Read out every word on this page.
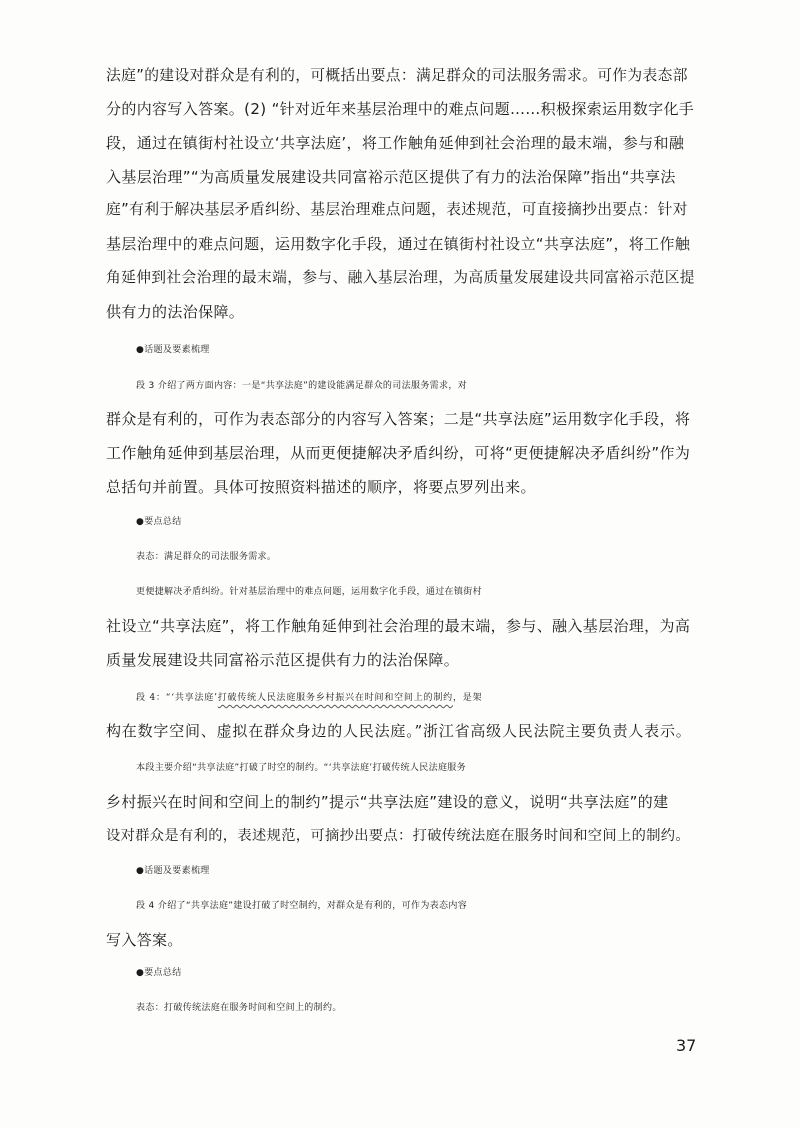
法庭”的建设对群众是有利的，可概括出要点：满足群众的司法服务需求。可作为表态部
分的内容写入答案。(2) “针对近年来基层治理中的难点问题……积极探索运用数字化手
段，通过在镇街村社设立‘共享法庭’，将工作触角延伸到社会治理的最末端，参与和融
入基层治理”“为高质量发展建设共同富裕示范区提供了有力的法治保障”指出“共享法
庭”有利于解决基层矛盾纠纷、基层治理难点问题，表述规范，可直接摘抄出要点：针对
基层治理中的难点问题，运用数字化手段，通过在镇街村社设立“共享法庭”，将工作触
角延伸到社会治理的最末端，参与、融入基层治理，为高质量发展建设共同富裕示范区提
供有力的法治保障。
●话题及要素梳理
段 3 介绍了两方面内容：一是“共享法庭”的建设能满足群众的司法服务需求，对
群众是有利的，可作为表态部分的内容写入答案；二是“共享法庭”运用数字化手段，将
工作触角延伸到基层治理，从而更便捷解决矛盾纠纷，可将“更便捷解决矛盾纠纷”作为
总括句并前置。具体可按照资料描述的顺序，将要点罗列出来。
●要点总结
表态：满足群众的司法服务需求。
更便捷解决矛盾纠纷。针对基层治理中的难点问题，运用数字化手段，通过在镇街村
社设立“共享法庭”，将工作触角延伸到社会治理的最末端，参与、融入基层治理，为高
质量发展建设共同富裕示范区提供有力的法治保障。
段 4：“‘共享法庭’打破传统人民法庭服务乡村振兴在时间和空间上的制约，是架
构在数字空间、虚拟在群众身边的人民法庭。”浙江省高级人民法院主要负责人表示。
本段主要介绍“共享法庭”打破了时空的制约。“‘共享法庭’打破传统人民法庭服务
乡村振兴在时间和空间上的制约”提示“共享法庭”建设的意义，说明“共享法庭”的建
设对群众是有利的，表述规范，可摘抄出要点：打破传统法庭在服务时间和空间上的制约。
●话题及要素梳理
段 4 介绍了“共享法庭”建设打破了时空制约，对群众是有利的，可作为表态内容
写入答案。
●要点总结
表态：打破传统法庭在服务时间和空间上的制约。
37
